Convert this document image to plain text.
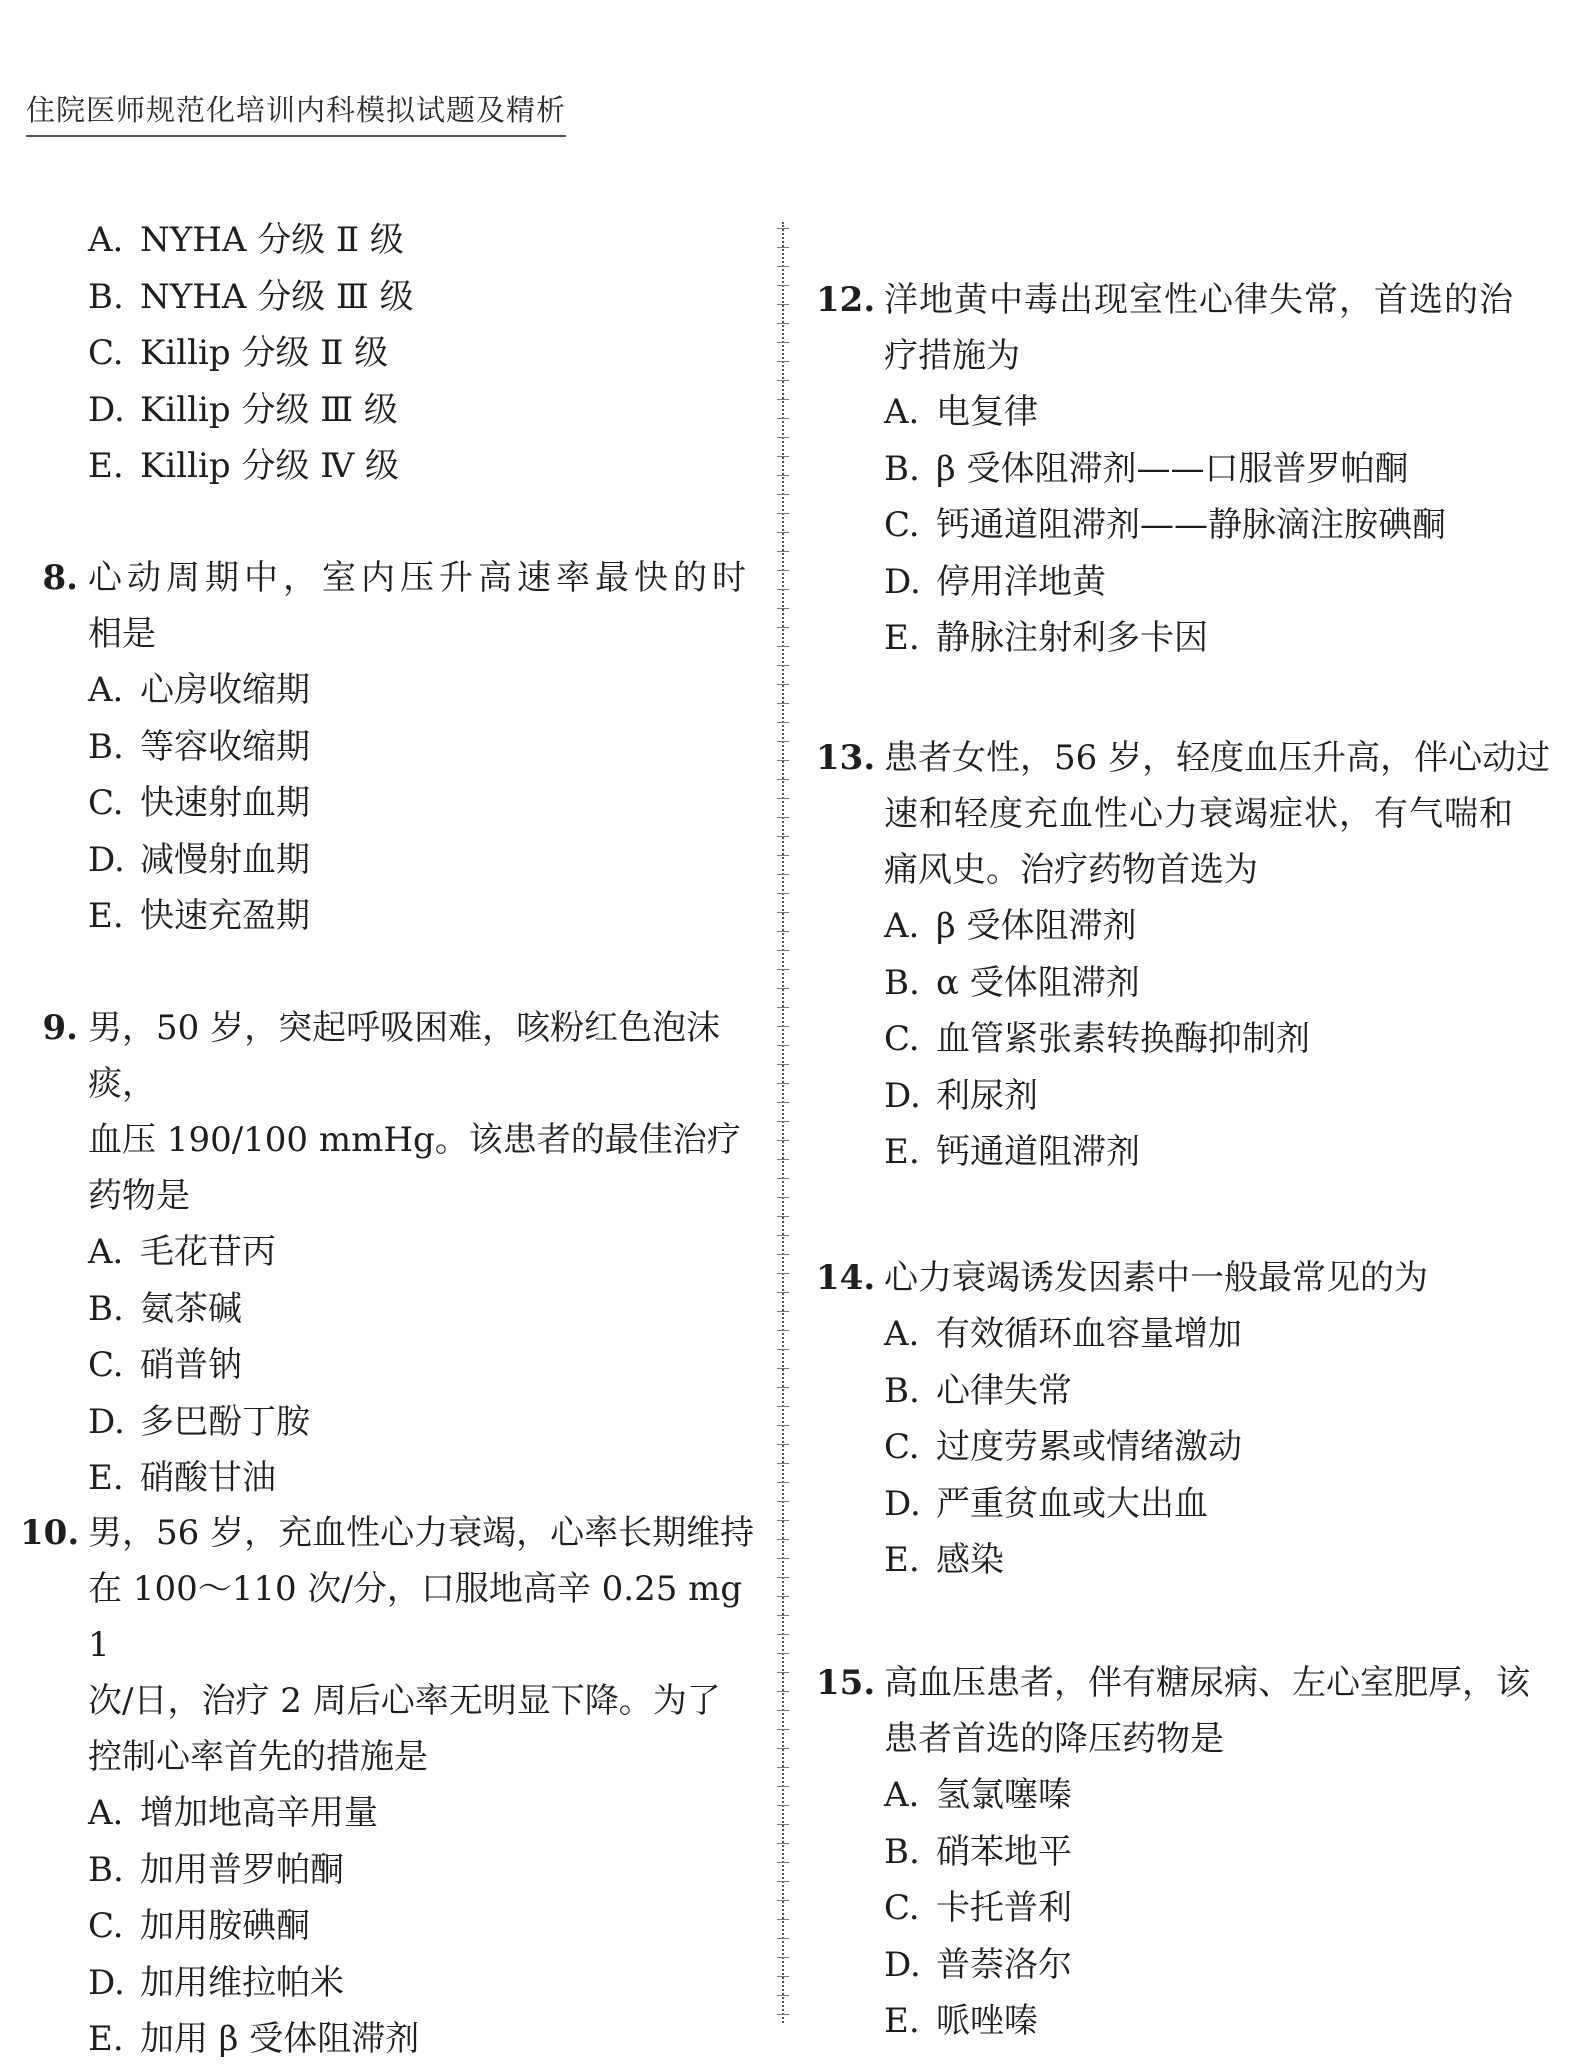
住院医师规范化培训内科模拟试题及精析
A. NYHA 分级 Ⅱ 级
B. NYHA 分级 Ⅲ 级
C. Killip 分级 Ⅱ 级
D. Killip 分级 Ⅲ 级
E. Killip 分级 Ⅳ 级
8. 心动周期中，室内压升高速率最快的时
相是
A. 心房收缩期
B. 等容收缩期
C. 快速射血期
D. 减慢射血期
E. 快速充盈期
9. 男，50 岁，突起呼吸困难，咳粉红色泡沫痰，
血压 190/100 mmHg。该患者的最佳治疗
药物是
A. 毛花苷丙
B. 氨茶碱
C. 硝普钠
D. 多巴酚丁胺
E. 硝酸甘油
10. 男，56 岁，充血性心力衰竭，心率长期维持
在 100～110 次/分，口服地高辛 0.25 mg 1
次/日，治疗 2 周后心率无明显下降。为了
控制心率首先的措施是
A. 增加地高辛用量
B. 加用普罗帕酮
C. 加用胺碘酮
D. 加用维拉帕米
E. 加用 β 受体阻滞剂
12. 洋地黄中毒出现室性心律失常，首选的治
疗措施为
A. 电复律
B. β 受体阻滞剂——口服普罗帕酮
C. 钙通道阻滞剂——静脉滴注胺碘酮
D. 停用洋地黄
E. 静脉注射利多卡因
13. 患者女性，56 岁，轻度血压升高，伴心动过
速和轻度充血性心力衰竭症状，有气喘和
痛风史。治疗药物首选为
A. β 受体阻滞剂
B. α 受体阻滞剂
C. 血管紧张素转换酶抑制剂
D. 利尿剂
E. 钙通道阻滞剂
14. 心力衰竭诱发因素中一般最常见的为
A. 有效循环血容量增加
B. 心律失常
C. 过度劳累或情绪激动
D. 严重贫血或大出血
E. 感染
15. 高血压患者，伴有糖尿病、左心室肥厚，该
患者首选的降压药物是
A. 氢氯噻嗪
B. 硝苯地平
C. 卡托普利
D. 普萘洛尔
E. 哌唑嗪
